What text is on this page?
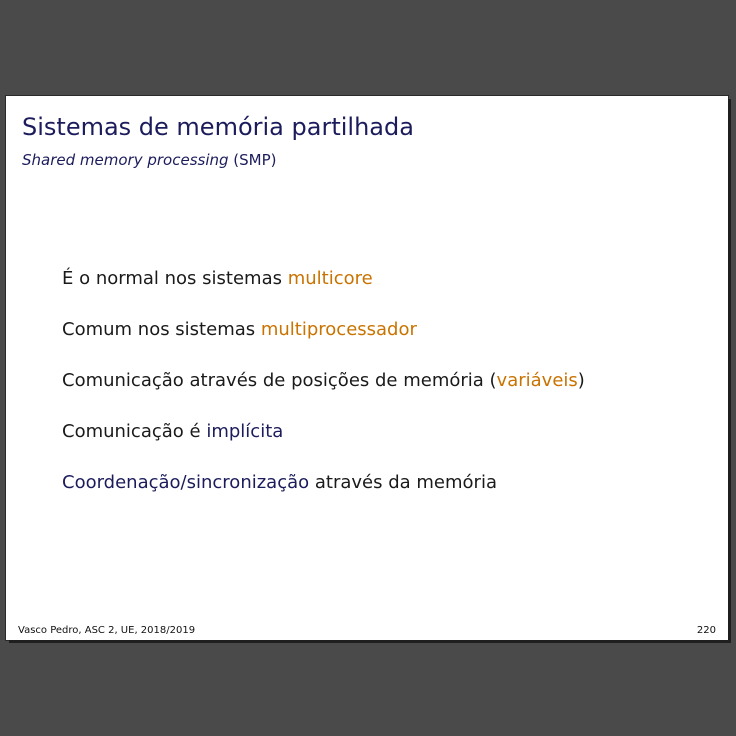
Sistemas de memória partilhada
Shared memory processing (SMP)
É o normal nos sistemas multicore
Comum nos sistemas multiprocessador
Comunicação através de posições de memória (variáveis)
Comunicação é implícita
Coordenação/sincronização através da memória
Vasco Pedro, ASC 2, UE, 2018/2019	220
